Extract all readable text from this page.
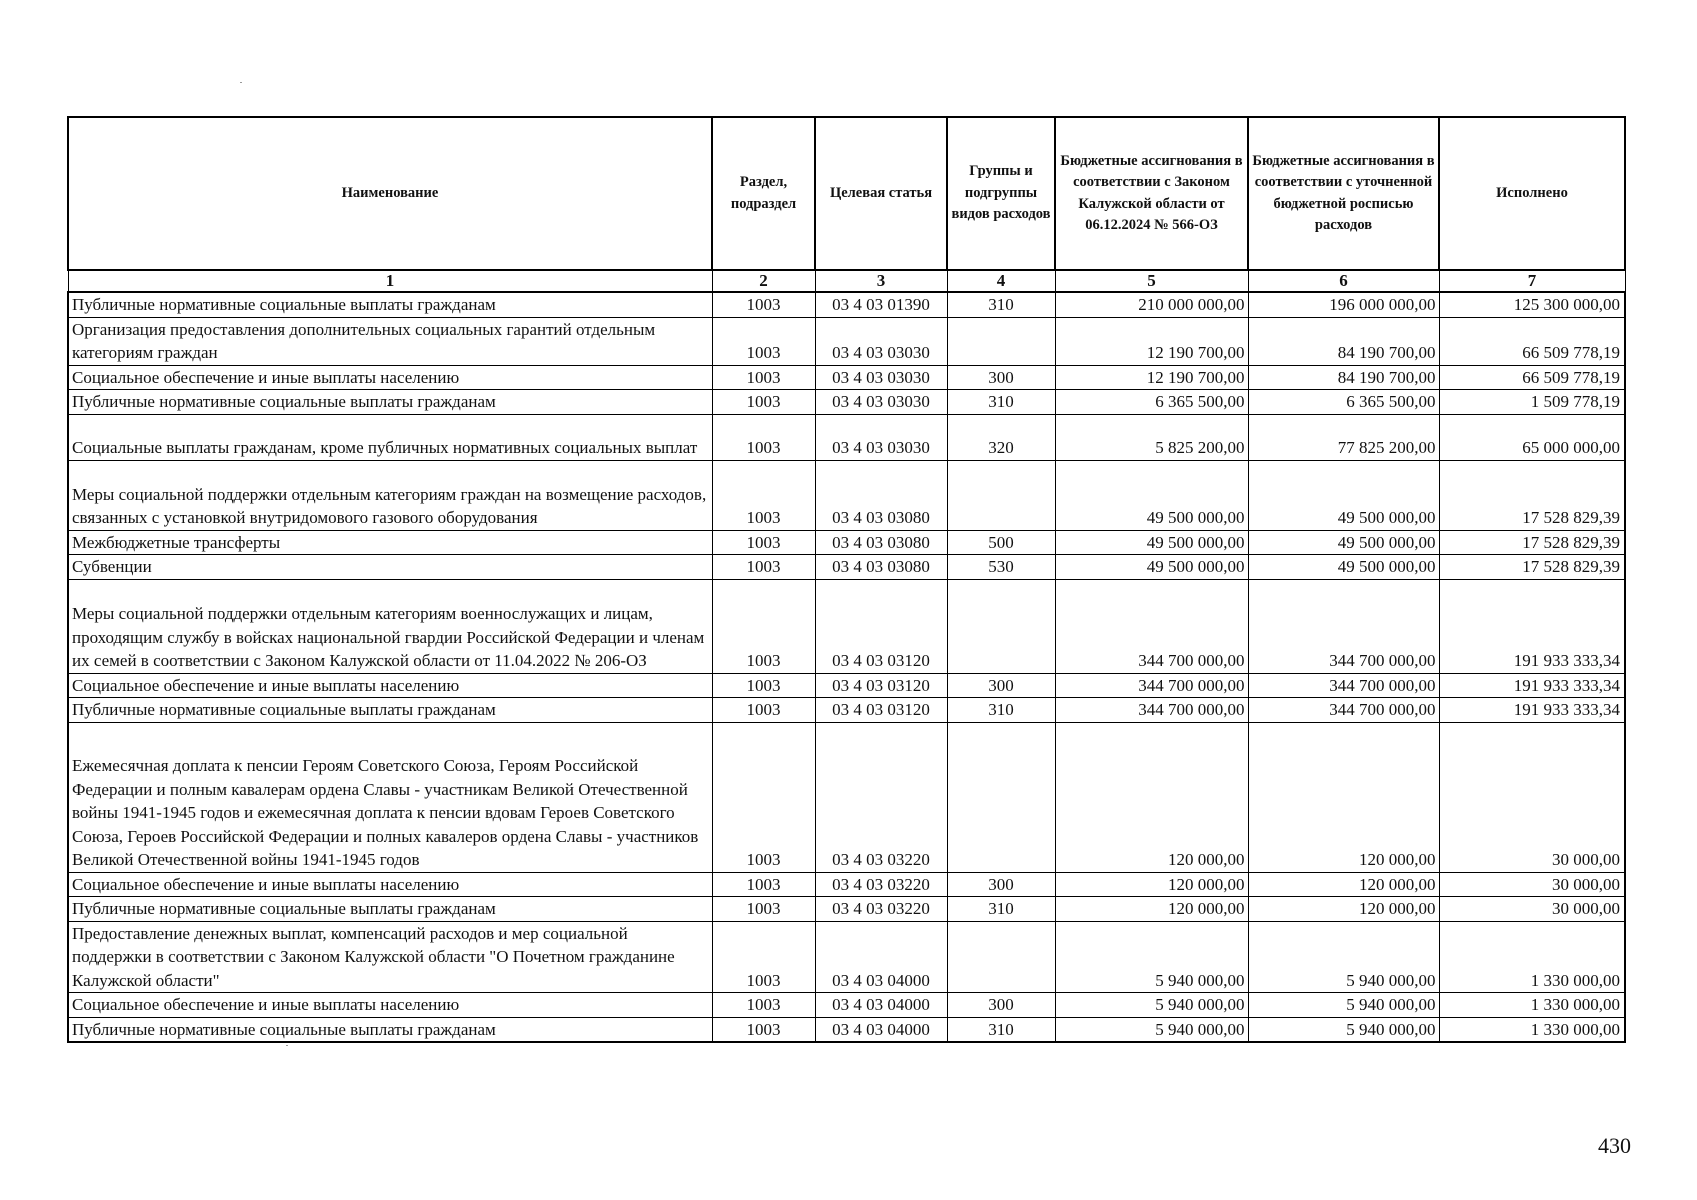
Наименование	Раздел, подраздел	Целевая статья	Группы и подгруппы видов расходов	Бюджетные ассигнования в соответствии с Законом Калужской области от 06.12.2024 № 566-ОЗ	Бюджетные ассигнования в соответствии с уточненной бюджетной росписью расходов	Исполнено
1	2	3	4	5	6	7
Публичные нормативные социальные выплаты гражданам	1003	03 4 03 01390	310	210 000 000,00	196 000 000,00	125 300 000,00
Организация предоставления дополнительных социальных гарантий отдельным категориям граждан	1003	03 4 03 03030		12 190 700,00	84 190 700,00	66 509 778,19
Социальное обеспечение и иные выплаты населению	1003	03 4 03 03030	300	12 190 700,00	84 190 700,00	66 509 778,19
Публичные нормативные социальные выплаты гражданам	1003	03 4 03 03030	310	6 365 500,00	6 365 500,00	1 509 778,19
Социальные выплаты гражданам, кроме публичных нормативных социальных выплат	1003	03 4 03 03030	320	5 825 200,00	77 825 200,00	65 000 000,00
Меры социальной поддержки отдельным категориям граждан на возмещение расходов, связанных с установкой внутридомового газового оборудования	1003	03 4 03 03080		49 500 000,00	49 500 000,00	17 528 829,39
Межбюджетные трансферты	1003	03 4 03 03080	500	49 500 000,00	49 500 000,00	17 528 829,39
Субвенции	1003	03 4 03 03080	530	49 500 000,00	49 500 000,00	17 528 829,39
Меры социальной поддержки отдельным категориям военнослужащих и лицам, проходящим службу в войсках национальной гвардии Российской Федерации и членам их семей в соответствии с Законом Калужской области от 11.04.2022 № 206-ОЗ	1003	03 4 03 03120		344 700 000,00	344 700 000,00	191 933 333,34
Социальное обеспечение и иные выплаты населению	1003	03 4 03 03120	300	344 700 000,00	344 700 000,00	191 933 333,34
Публичные нормативные социальные выплаты гражданам	1003	03 4 03 03120	310	344 700 000,00	344 700 000,00	191 933 333,34
Ежемесячная доплата к пенсии Героям Советского Союза, Героям Российской Федерации и полным кавалерам ордена Славы - участникам Великой Отечественной войны 1941-1945 годов и ежемесячная доплата к пенсии вдовам Героев Советского Союза, Героев Российской Федерации и полных кавалеров ордена Славы - участников Великой Отечественной войны 1941-1945 годов	1003	03 4 03 03220		120 000,00	120 000,00	30 000,00
Социальное обеспечение и иные выплаты населению	1003	03 4 03 03220	300	120 000,00	120 000,00	30 000,00
Публичные нормативные социальные выплаты гражданам	1003	03 4 03 03220	310	120 000,00	120 000,00	30 000,00
Предоставление денежных выплат, компенсаций расходов и мер социальной поддержки в соответствии с Законом Калужской области "О Почетном гражданине Калужской области"	1003	03 4 03 04000		5 940 000,00	5 940 000,00	1 330 000,00
Социальное обеспечение и иные выплаты населению	1003	03 4 03 04000	300	5 940 000,00	5 940 000,00	1 330 000,00
Публичные нормативные социальные выплаты гражданам	1003	03 4 03 04000	310	5 940 000,00	5 940 000,00	1 330 000,00
430
